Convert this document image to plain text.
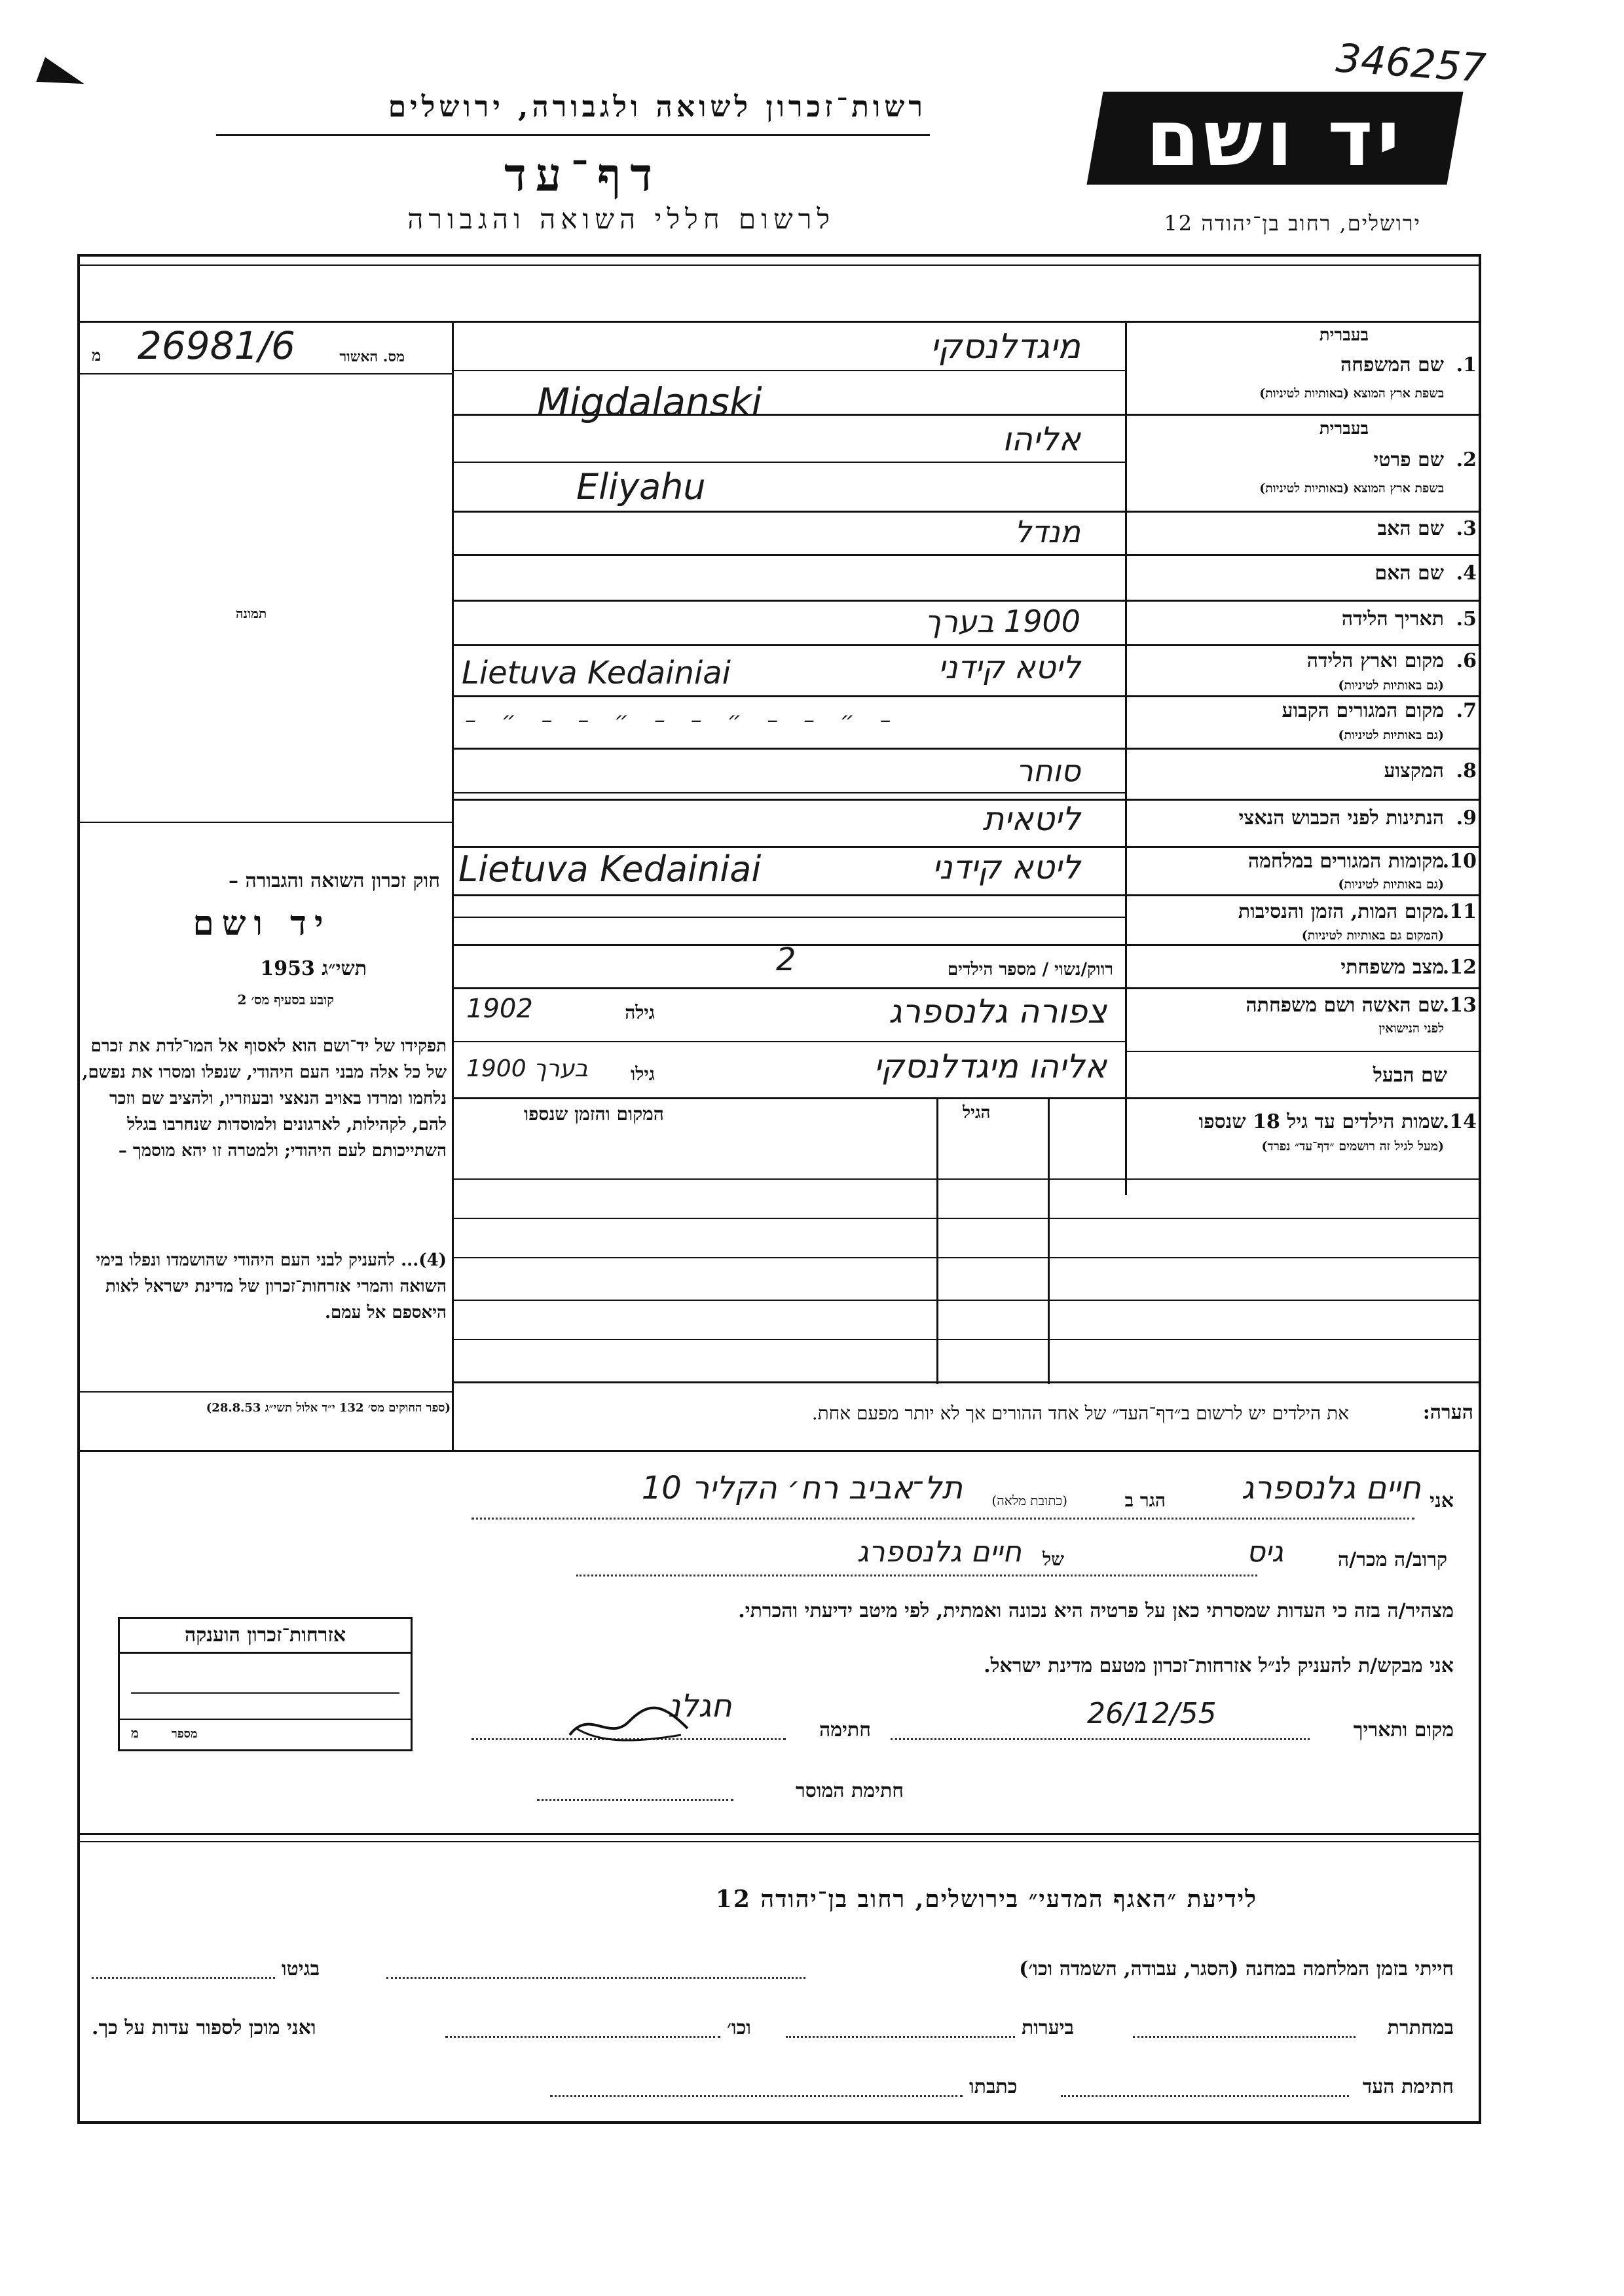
346257
רשות־זכרון לשואה ולגבורה, ירושלים
דף־עד
לרשום חללי השואה והגבורה
יד ושם
ירושלים, רחוב בן־יהודה 12
מס. האשור
מ 26981/6
תמונה
חוק זכרון השואה והגבורה –
יד ושם
תשי״ג 1953
קובע בסעיף מס׳ 2
תפקידו של יד־ושם הוא לאסוף אל המו־לדת את זכרם של כל אלה מבני העם היהודי, שנפלו ומסרו את נפשם, נלחמו ומרדו באויב הנאצי ובעוזריו, ולהציב שם וזכר להם, לקהילות, לארגונים ולמוסדות שנחרבו בגלל השתייכותם לעם היהודי; ולמטרה זו יהא מוסמך –
(4)... להעניק לבני העם היהודי שהושמדו ונפלו בימי השואה והמרי אזרחות־זכרון של מדינת ישראל לאות היאספם אל עמם.
(ספר החוקים מס׳ 132 י״ד אלול תשי״ג 28.8.53)
בעברית
1.
שם המשפחה
בשפת ארץ המוצא (באותיות לטיניות)
מיגדלנסקי
Migdalanski
בעברית
2.
שם פרטי
בשפת ארץ המוצא (באותיות לטיניות)
אליהו
Eliyahu
3.
שם האב
מנדל
4.
שם האם
5.
תאריך הלידה
1900 בערך
6.
מקום וארץ הלידה
(גם באותיות לטיניות)
ליטא קידני
Lietuva Kedainiai
7.
מקום המגורים הקבוע
(גם באותיות לטיניות)
– ״ – – ״ – – ״ – – ״ –
8.
המקצוע
סוחר
9.
הנתינות לפני הכבוש הנאצי
ליטאית
10.
מקומות המגורים במלחמה
(גם באותיות לטיניות)
ליטא קידני
Lietuva Kedainiai
11.
מקום המות, הזמן והנסיבות
(המקום גם באותיות לטיניות)
12.
מצב משפחתי
רווק/נשוי / מספר הילדים
2
13.
שם האשה ושם משפחתה
לפני הנישואין
צפורה גלנספרג
גילה
1902
שם הבעל
אליהו מיגדלנסקי
גילו
1900 בערך
14.
שמות הילדים עד גיל 18 שנספו
(מעל לגיל זה רושמים ״דף־עד״ נפרד)
הגיל
המקום והזמן שנספו
הערה:
את הילדים יש לרשום ב״דף־העד״ של אחד ההורים אך לא יותר מפעם אחת.
אני
חיים גלנספרג
הגר ב
(כתובת מלאה)
תל־אביב רח׳ הקליר 10
קרוב/ה מכר/ה
גיס
של
חיים גלנספרג
מצהיר/ה בזה כי העדות שמסרתי כאן על פרטיה היא נכונה ואמתית, לפי מיטב ידיעתי והכרתי.
אני מבקש/ת להעניק לנ״ל אזרחות־זכרון מטעם מדינת ישראל.
מקום ותאריך
26/12/55
חתימה
חגלנ
חתימת המוסר
אזרחות־זכרון הוענקה
מספר
מ
לידיעת ״האגף המדעי״ בירושלים, רחוב בן־יהודה 12
חייתי בזמן המלחמה במחנה (הסגר, עבודה, השמדה וכו׳)
בגיטו
במחתרת
ביערות
וכו׳
ואני מוכן לספור עדות על כך.
חתימת העד
כתבתו
